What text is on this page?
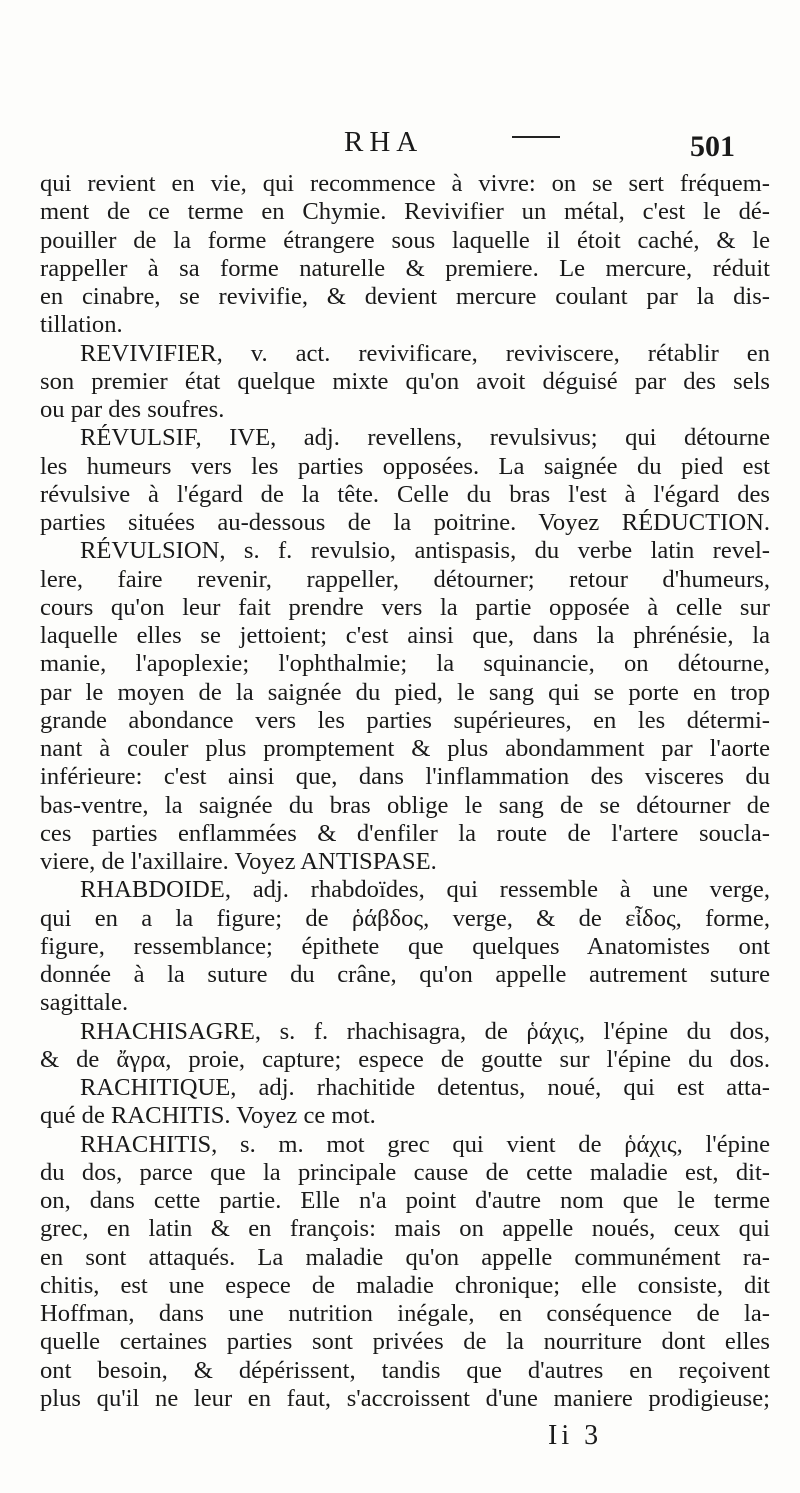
RHA	501
qui revient en vie, qui recommence à vivre: on se sert fréquem-
ment de ce terme en Chymie. Revivifier un métal, c'est le dé-
pouiller de la forme étrangere sous laquelle il étoit caché, & le
rappeller à sa forme naturelle & premiere. Le mercure, réduit
en cinabre, se revivifie, & devient mercure coulant par la dis-
tillation.
REVIVIFIER, v. act. revivificare, reviviscere, rétablir en
son premier état quelque mixte qu'on avoit déguisé par des sels
ou par des soufres.
RÉVULSIF, IVE, adj. revellens, revulsivus; qui détourne
les humeurs vers les parties opposées. La saignée du pied est
révulsive à l'égard de la tête. Celle du bras l'est à l'égard des
parties situées au-dessous de la poitrine. Voyez RÉDUCTION.
RÉVULSION, s. f. revulsio, antispasis, du verbe latin revel-
lere, faire revenir, rappeller, détourner; retour d'humeurs,
cours qu'on leur fait prendre vers la partie opposée à celle sur
laquelle elles se jettoient; c'est ainsi que, dans la phrénésie, la
manie, l'apoplexie; l'ophthalmie; la squinancie, on détourne,
par le moyen de la saignée du pied, le sang qui se porte en trop
grande abondance vers les parties supérieures, en les détermi-
nant à couler plus promptement & plus abondamment par l'aorte
inférieure: c'est ainsi que, dans l'inflammation des visceres du
bas-ventre, la saignée du bras oblige le sang de se détourner de
ces parties enflammées & d'enfiler la route de l'artere soucla-
viere, de l'axillaire. Voyez ANTISPASE.
RHABDOIDE, adj. rhabdoïdes, qui ressemble à une verge,
qui en a la figure; de ῥάβδος, verge, & de εἶδος, forme,
figure, ressemblance; épithete que quelques Anatomistes ont
donnée à la suture du crâne, qu'on appelle autrement suture
sagittale.
RHACHISAGRE, s. f. rhachisagra, de ῥάχις, l'épine du dos,
& de ἄγρα, proie, capture; espece de goutte sur l'épine du dos.
RACHITIQUE, adj. rhachitide detentus, noué, qui est atta-
qué de RACHITIS. Voyez ce mot.
RHACHITIS, s. m. mot grec qui vient de ῥάχις, l'épine
du dos, parce que la principale cause de cette maladie est, dit-
on, dans cette partie. Elle n'a point d'autre nom que le terme
grec, en latin & en françois: mais on appelle noués, ceux qui
en sont attaqués. La maladie qu'on appelle communément ra-
chitis, est une espece de maladie chronique; elle consiste, dit
Hoffman, dans une nutrition inégale, en conséquence de la-
quelle certaines parties sont privées de la nourriture dont elles
ont besoin, & dépérissent, tandis que d'autres en reçoivent
plus qu'il ne leur en faut, s'accroissent d'une maniere prodigieuse;
Ii 3
